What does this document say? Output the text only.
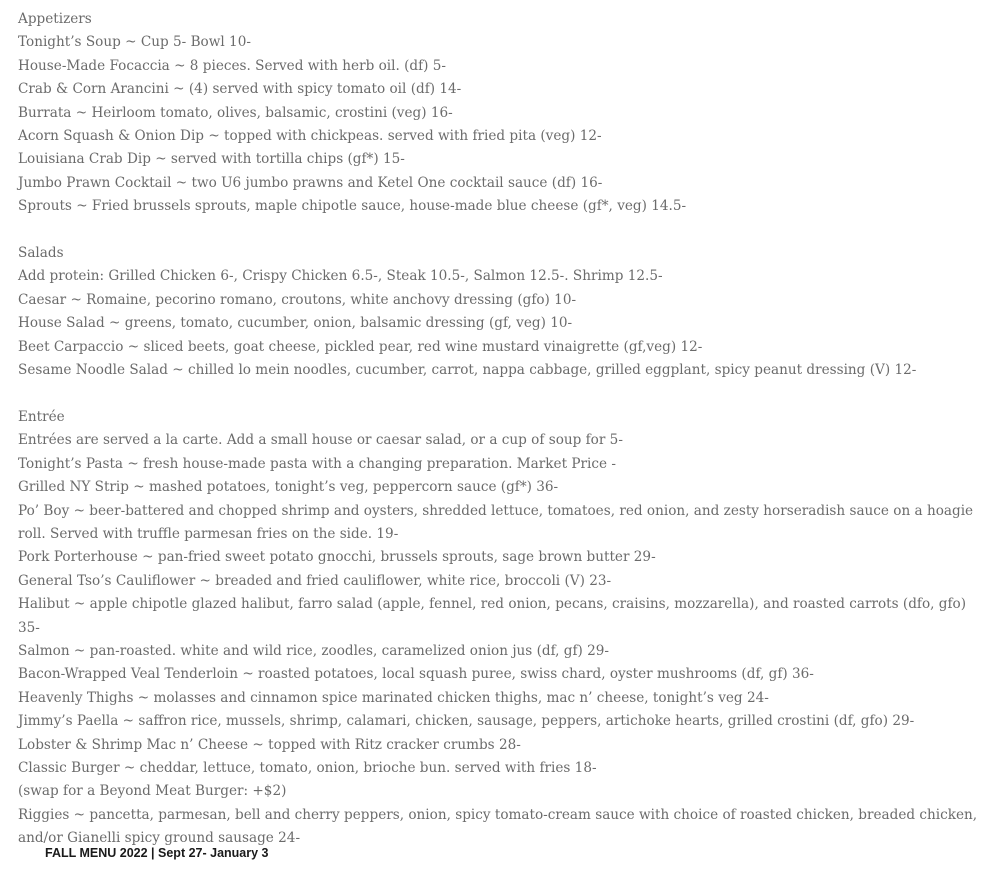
Appetizers
Tonight’s Soup ~ Cup 5- Bowl 10-
House-Made Focaccia ~ 8 pieces. Served with herb oil. (df) 5-
Crab & Corn Arancini ~ (4) served with spicy tomato oil (df) 14-
Burrata ~ Heirloom tomato, olives, balsamic, crostini (veg) 16-
Acorn Squash & Onion Dip ~ topped with chickpeas. served with fried pita (veg) 12-
Louisiana Crab Dip ~ served with tortilla chips (gf*) 15-
Jumbo Prawn Cocktail ~ two U6 jumbo prawns and Ketel One cocktail sauce (df) 16-
Sprouts ~ Fried brussels sprouts, maple chipotle sauce, house-made blue cheese (gf*, veg) 14.5-
Salads
Add protein: Grilled Chicken 6-, Crispy Chicken 6.5-, Steak 10.5-, Salmon 12.5-. Shrimp 12.5-
Caesar ~ Romaine, pecorino romano, croutons, white anchovy dressing (gfo) 10-
House Salad ~ greens, tomato, cucumber, onion, balsamic dressing (gf, veg) 10-
Beet Carpaccio ~ sliced beets, goat cheese, pickled pear, red wine mustard vinaigrette (gf,veg) 12-
Sesame Noodle Salad ~ chilled lo mein noodles, cucumber, carrot, nappa cabbage, grilled eggplant, spicy peanut dressing (V) 12-
Entrée
Entrées are served a la carte. Add a small house or caesar salad, or a cup of soup for 5-
Tonight’s Pasta ~ fresh house-made pasta with a changing preparation. Market Price -
Grilled NY Strip ~ mashed potatoes, tonight’s veg, peppercorn sauce (gf*) 36-
Po’ Boy ~ beer-battered and chopped shrimp and oysters, shredded lettuce, tomatoes, red onion, and zesty horseradish sauce on a hoagie roll. Served with truffle parmesan fries on the side. 19-
Pork Porterhouse ~ pan-fried sweet potato gnocchi, brussels sprouts, sage brown butter 29-
General Tso’s Cauliflower ~ breaded and fried cauliflower, white rice, broccoli (V) 23-
Halibut ~ apple chipotle glazed halibut, farro salad (apple, fennel, red onion, pecans, craisins, mozzarella), and roasted carrots (dfo, gfo) 35-
Salmon ~ pan-roasted. white and wild rice, zoodles, caramelized onion jus (df, gf) 29-
Bacon-Wrapped Veal Tenderloin ~ roasted potatoes, local squash puree, swiss chard, oyster mushrooms (df, gf) 36-
Heavenly Thighs ~ molasses and cinnamon spice marinated chicken thighs, mac n’ cheese, tonight’s veg 24-
Jimmy’s Paella ~ saffron rice, mussels, shrimp, calamari, chicken, sausage, peppers, artichoke hearts, grilled crostini (df, gfo) 29-
Lobster & Shrimp Mac n’ Cheese ~ topped with Ritz cracker crumbs 28-
Classic Burger ~ cheddar, lettuce, tomato, onion, brioche bun. served with fries 18-
(swap for a Beyond Meat Burger: +$2)
Riggies ~ pancetta, parmesan, bell and cherry peppers, onion, spicy tomato-cream sauce with choice of roasted chicken, breaded chicken, and/or Gianelli spicy ground sausage 24-
FALL MENU 2022 | Sept 27- January 3
